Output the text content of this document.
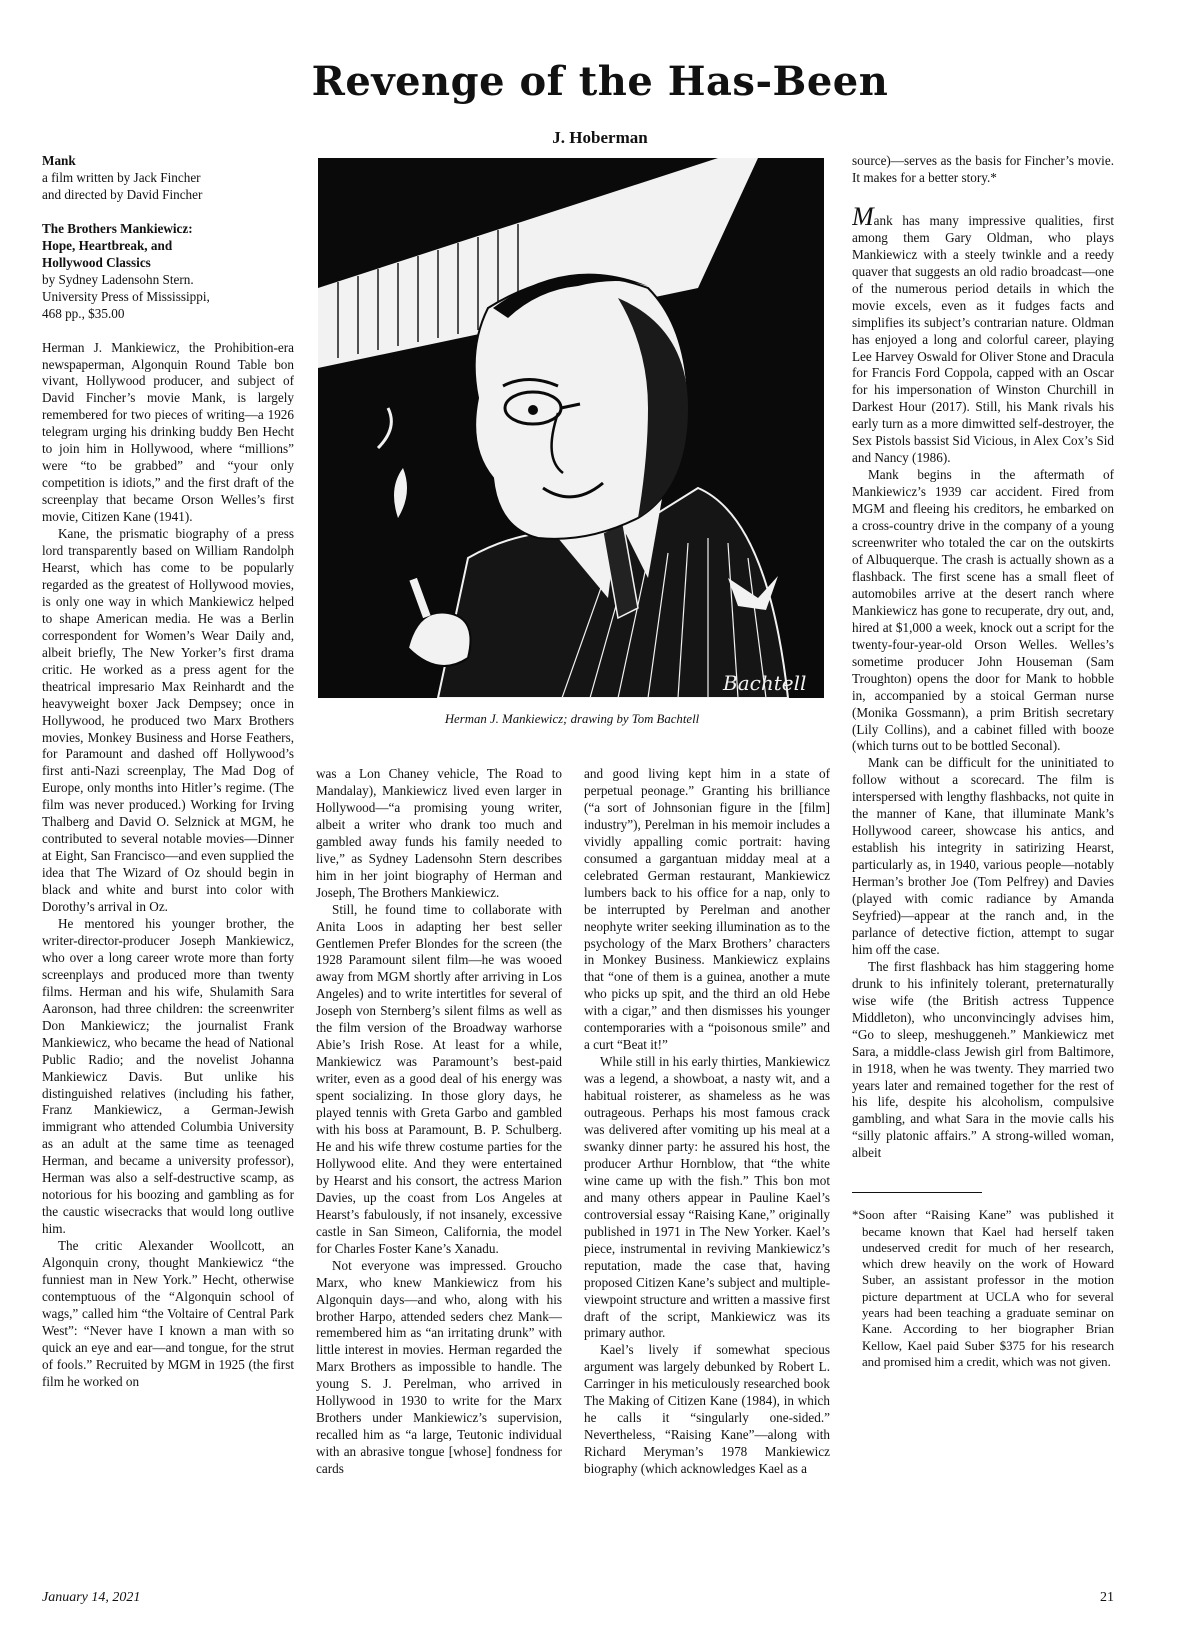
Revenge of the Has-Been
J. Hoberman
Mank
a film written by Jack Fincher
and directed by David Fincher
The Brothers Mankiewicz:
Hope, Heartbreak, and
Hollywood Classics
by Sydney Ladensohn Stern.
University Press of Mississippi,
468 pp., $35.00

Herman J. Mankiewicz, the Prohibition-era newspaperman, Algonquin Round Table bon vivant, Hollywood producer, and subject of David Fincher’s movie Mank, is largely remembered for two pieces of writing—a 1926 telegram urging his drinking buddy Ben Hecht to join him in Hollywood, where “millions” were “to be grabbed” and “your only competition is idiots,” and the first draft of the screenplay that became Orson Welles’s first movie, Citizen Kane (1941).

Kane, the prismatic biography of a press lord transparently based on William Randolph Hearst, which has come to be popularly regarded as the greatest of Hollywood movies, is only one way in which Mankiewicz helped to shape American media. He was a Berlin correspondent for Women’s Wear Daily and, albeit briefly, The New Yorker’s first drama critic. He worked as a press agent for the theatrical impresario Max Reinhardt and the heavyweight boxer Jack Dempsey; once in Hollywood, he produced two Marx Brothers movies, Monkey Business and Horse Feathers, for Paramount and dashed off Hollywood’s first anti-Nazi screenplay, The Mad Dog of Europe, only months into Hitler’s regime. (The film was never produced.) Working for Irving Thalberg and David O. Selznick at MGM, he contributed to several notable movies—Dinner at Eight, San Francisco—and even supplied the idea that The Wizard of Oz should begin in black and white and burst into color with Dorothy’s arrival in Oz.

He mentored his younger brother, the writer-director-producer Joseph Mankiewicz, who over a long career wrote more than forty screenplays and produced more than twenty films. Herman and his wife, Shulamith Sara Aaronson, had three children: the screenwriter Don Mankiewicz; the journalist Frank Mankiewicz, who became the head of National Public Radio; and the novelist Johanna Mankiewicz Davis. But unlike his distinguished relatives (including his father, Franz Mankiewicz, a German-Jewish immigrant who attended Columbia University as an adult at the same time as teenaged Herman, and became a university professor), Herman was also a self-destructive scamp, as notorious for his boozing and gambling as for the caustic wisecracks that would long outlive him.

The critic Alexander Woollcott, an Algonquin crony, thought Mankiewicz “the funniest man in New York.” Hecht, otherwise contemptuous of the “Algonquin school of wags,” called him “the Voltaire of Central Park West”: “Never have I known a man with so quick an eye and ear—and tongue, for the strut of fools.” Recruited by MGM in 1925 (the first film he worked on

Bachtell
Herman J. Mankiewicz; drawing by Tom Bachtell

was a Lon Chaney vehicle, The Road to Mandalay), Mankiewicz lived even larger in Hollywood—“a promising young writer, albeit a writer who drank too much and gambled away funds his family needed to live,” as Sydney Ladensohn Stern describes him in her joint biography of Herman and Joseph, The Brothers Mankiewicz.

Still, he found time to collaborate with Anita Loos in adapting her best seller Gentlemen Prefer Blondes for the screen (the 1928 Paramount silent film—he was wooed away from MGM shortly after arriving in Los Angeles) and to write intertitles for several of Joseph von Sternberg’s silent films as well as the film version of the Broadway warhorse Abie’s Irish Rose. At least for a while, Mankiewicz was Paramount’s best-paid writer, even as a good deal of his energy was spent socializing. In those glory days, he played tennis with Greta Garbo and gambled with his boss at Paramount, B. P. Schulberg. He and his wife threw costume parties for the Hollywood elite. And they were entertained by Hearst and his consort, the actress Marion Davies, up the coast from Los Angeles at Hearst’s fabulously, if not insanely, excessive castle in San Simeon, California, the model for Charles Foster Kane’s Xanadu.

Not everyone was impressed. Groucho Marx, who knew Mankiewicz from his Algonquin days—and who, along with his brother Harpo, attended seders chez Mank—remembered him as “an irritating drunk” with little interest in movies. Herman regarded the Marx Brothers as impossible to handle. The young S. J. Perelman, who arrived in Hollywood in 1930 to write for the Marx Brothers under Mankiewicz’s supervision, recalled him as “a large, Teutonic individual with an abrasive tongue [whose] fondness for cards

and good living kept him in a state of perpetual peonage.” Granting his brilliance (“a sort of Johnsonian figure in the [film] industry”), Perelman in his memoir includes a vividly appalling comic portrait: having consumed a gargantuan midday meal at a celebrated German restaurant, Mankiewicz lumbers back to his office for a nap, only to be interrupted by Perelman and another neophyte writer seeking illumination as to the psychology of the Marx Brothers’ characters in Monkey Business. Mankiewicz explains that “one of them is a guinea, another a mute who picks up spit, and the third an old Hebe with a cigar,” and then dismisses his younger contemporaries with a “poisonous smile” and a curt “Beat it!”

While still in his early thirties, Mankiewicz was a legend, a showboat, a nasty wit, and a habitual roisterer, as shameless as he was outrageous. Perhaps his most famous crack was delivered after vomiting up his meal at a swanky dinner party: he assured his host, the producer Arthur Hornblow, that “the white wine came up with the fish.” This bon mot and many others appear in Pauline Kael’s controversial essay “Raising Kane,” originally published in 1971 in The New Yorker. Kael’s piece, instrumental in reviving Mankiewicz’s reputation, made the case that, having proposed Citizen Kane’s subject and multiple-viewpoint structure and written a massive first draft of the script, Mankiewicz was its primary author.

Kael’s lively if somewhat specious argument was largely debunked by Robert L. Carringer in his meticulously researched book The Making of Citizen Kane (1984), in which he calls it “singularly one-sided.” Nevertheless, “Raising Kane”—along with Richard Meryman’s 1978 Mankiewicz biography (which acknowledges Kael as a

source)—serves as the basis for Fincher’s movie. It makes for a better story.*

Mank has many impressive qualities, first among them Gary Oldman, who plays Mankiewicz with a steely twinkle and a reedy quaver that suggests an old radio broadcast—one of the numerous period details in which the movie excels, even as it fudges facts and simplifies its subject’s contrarian nature. Oldman has enjoyed a long and colorful career, playing Lee Harvey Oswald for Oliver Stone and Dracula for Francis Ford Coppola, capped with an Oscar for his impersonation of Winston Churchill in Darkest Hour (2017). Still, his Mank rivals his early turn as a more dimwitted self-destroyer, the Sex Pistols bassist Sid Vicious, in Alex Cox’s Sid and Nancy (1986).

Mank begins in the aftermath of Mankiewicz’s 1939 car accident. Fired from MGM and fleeing his creditors, he embarked on a cross-country drive in the company of a young screenwriter who totaled the car on the outskirts of Albuquerque. The crash is actually shown as a flashback. The first scene has a small fleet of automobiles arrive at the desert ranch where Mankiewicz has gone to recuperate, dry out, and, hired at $1,000 a week, knock out a script for the twenty-four-year-old Orson Welles. Welles’s sometime producer John Houseman (Sam Troughton) opens the door for Mank to hobble in, accompanied by a stoical German nurse (Monika Gossmann), a prim British secretary (Lily Collins), and a cabinet filled with booze (which turns out to be bottled Seconal).

Mank can be difficult for the uninitiated to follow without a scorecard. The film is interspersed with lengthy flashbacks, not quite in the manner of Kane, that illuminate Mank’s Hollywood career, showcase his antics, and establish his integrity in satirizing Hearst, particularly as, in 1940, various people—notably Herman’s brother Joe (Tom Pelfrey) and Davies (played with comic radiance by Amanda Seyfried)—appear at the ranch and, in the parlance of detective fiction, attempt to sugar him off the case.

The first flashback has him staggering home drunk to his infinitely tolerant, preternaturally wise wife (the British actress Tuppence Middleton), who unconvincingly advises him, “Go to sleep, meshuggeneh.” Mankiewicz met Sara, a middle-class Jewish girl from Baltimore, in 1918, when he was twenty. They married two years later and remained together for the rest of his life, despite his alcoholism, compulsive gambling, and what Sara in the movie calls his “silly platonic affairs.” A strong-willed woman, albeit

*Soon after “Raising Kane” was published it became known that Kael had herself taken undeserved credit for much of her research, which drew heavily on the work of Howard Suber, an assistant professor in the motion picture department at UCLA who for several years had been teaching a graduate seminar on Kane. According to her biographer Brian Kellow, Kael paid Suber $375 for his research and promised him a credit, which was not given.

January 14, 2021	21
